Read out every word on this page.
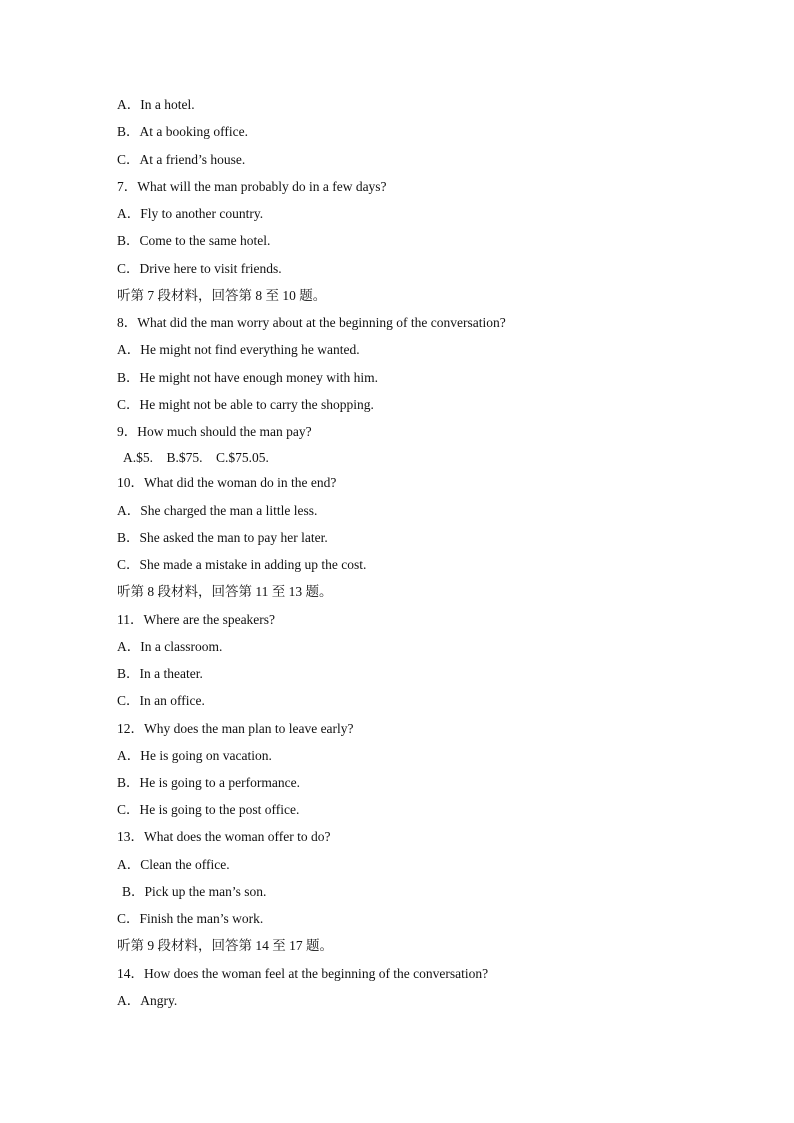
A．In a hotel.
B．At a booking office.
C．At a friend’s house.
7．What will the man probably do in a few days?
A．Fly to another country.
B．Come to the same hotel.
C．Drive here to visit friends.
听第 7 段材料，回答第 8 至 10 题。
8．What did the man worry about at the beginning of the conversation?
A．He might not find everything he wanted.
B．He might not have enough money with him.
C．He might not be able to carry the shopping.
9．How much should the man pay?
A.$5.    B.$75.    C.$75.05.
10．What did the woman do in the end?
A．She charged the man a little less.
B．She asked the man to pay her later.
C．She made a mistake in adding up the cost.
听第 8 段材料，回答第 11 至 13 题。
11．Where are the speakers?
A．In a classroom.
B．In a theater.
C．In an office.
12．Why does the man plan to leave early?
A．He is going on vacation.
B．He is going to a performance.
C．He is going to the post office.
13．What does the woman offer to do?
A．Clean the office.
B．Pick up the man’s son.
C．Finish the man’s work.
听第 9 段材料，回答第 14 至 17 题。
14．How does the woman feel at the beginning of the conversation?
A．Angry.
